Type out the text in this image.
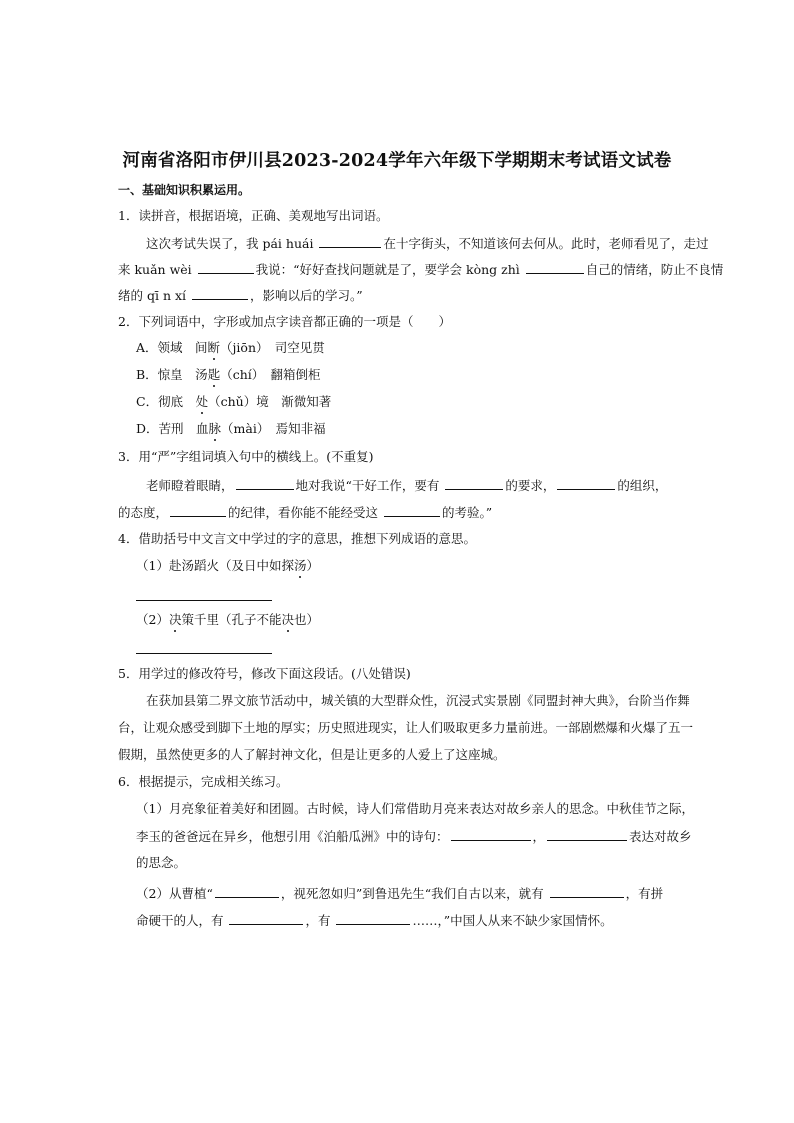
河南省洛阳市伊川县2023-2024学年六年级下学期期末考试语文试卷
一、基础知识积累运用。
1．读拼音，根据语境，正确、美观地写出词语。
这次考试失误了，我 pái huái	在十字街头，不知道该何去何从。此时，老师看见了，走过
来 kuǎn wèi	我说：“好好查找问题就是了，要学会 kòng zhì	自己的情绪，防止不良情
绪的 qī n xí	，影响以后的学习。”
2．下列词语中，字形或加点字读音都正确的一项是（　　）
A．领域　间断（jiōn）　司空见贯
B．惊皇　汤匙（chí）　翻箱倒柜
C．彻底　处（chǔ）境　渐微知著
D．苦刑　血脉（mài）　焉知非福
3．用“严”字组词填入句中的横线上。(不重复)
老师瞪着眼睛，	地对我说“干好工作，要有	的要求，	的组织，
的态度，	的纪律，看你能不能经受这	的考验。”
4．借助括号中文言文中学过的字的意思，推想下列成语的意思。
（1）赴汤蹈火（及日中如探汤）
（2）决策千里（孔子不能决也）
5．用学过的修改符号，修改下面这段话。(八处错误)
在获加县第二界文旅节活动中，城关镇的大型群众性，沉浸式实景剧《同盟封神大典》，台阶当作舞
台，让观众感受到脚下土地的厚实；历史照进现实，让人们吸取更多力量前进。一部剧燃爆和火爆了五一
假期，虽然使更多的人了解封神文化，但是让更多的人爱上了这座城。
6．根据提示，完成相关练习。
（1）月亮象征着美好和团圆。古时候，诗人们常借助月亮来表达对故乡亲人的思念。中秋佳节之际，
李玉的爸爸远在异乡，他想引用《泊船瓜洲》中的诗句：	，	表达对故乡
的思念。
（2）从曹植“	，视死忽如归”到鲁迅先生“我们自古以来，就有	，有拼
命硬干的人，有	，有	……，”中国人从来不缺少家国情怀。
